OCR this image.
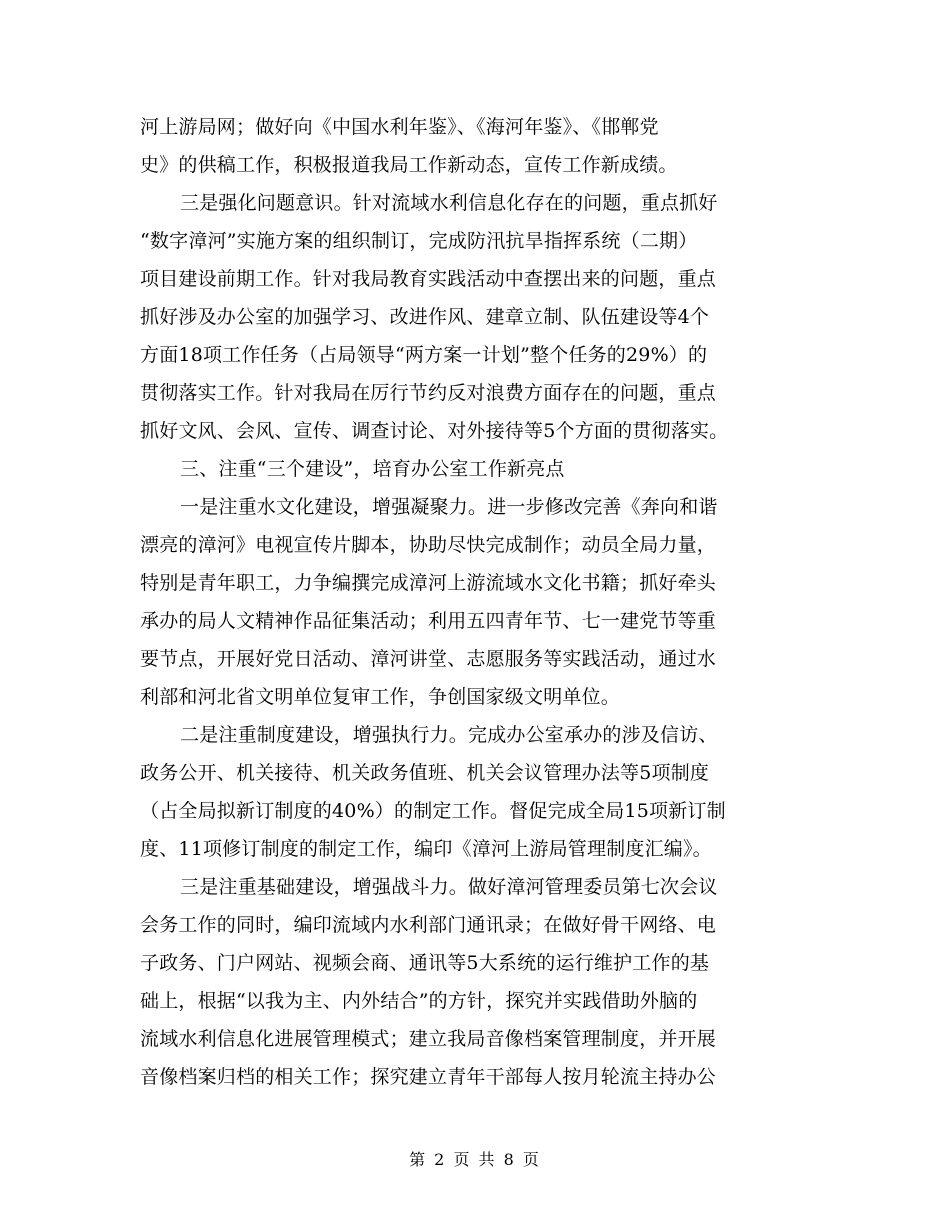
河上游局网；做好向《中国水利年鉴》、《海河年鉴》、《邯郸党
史》的供稿工作，积极报道我局工作新动态，宣传工作新成绩。
三是强化问题意识。针对流域水利信息化存在的问题，重点抓好
“数字漳河”实施方案的组织制订，完成防汛抗旱指挥系统（二期）
项目建设前期工作。针对我局教育实践活动中查摆出来的问题，重点
抓好涉及办公室的加强学习、改进作风、建章立制、队伍建设等4个
方面18项工作任务（占局领导“两方案一计划”整个任务的29%）的
贯彻落实工作。针对我局在厉行节约反对浪费方面存在的问题，重点
抓好文风、会风、宣传、调查讨论、对外接待等5个方面的贯彻落实。
三、注重“三个建设”，培育办公室工作新亮点
一是注重水文化建设，增强凝聚力。进一步修改完善《奔向和谐
漂亮的漳河》电视宣传片脚本，协助尽快完成制作；动员全局力量，
特别是青年职工，力争编撰完成漳河上游流域水文化书籍；抓好牵头
承办的局人文精神作品征集活动；利用五四青年节、七一建党节等重
要节点，开展好党日活动、漳河讲堂、志愿服务等实践活动，通过水
利部和河北省文明单位复审工作，争创国家级文明单位。
二是注重制度建设，增强执行力。完成办公室承办的涉及信访、
政务公开、机关接待、机关政务值班、机关会议管理办法等5项制度
（占全局拟新订制度的40%）的制定工作。督促完成全局15项新订制
度、11项修订制度的制定工作，编印《漳河上游局管理制度汇编》。
三是注重基础建设，增强战斗力。做好漳河管理委员第七次会议
会务工作的同时，编印流域内水利部门通讯录；在做好骨干网络、电
子政务、门户网站、视频会商、通讯等5大系统的运行维护工作的基
础上，根据“以我为主、内外结合”的方针，探究并实践借助外脑的
流域水利信息化进展管理模式；建立我局音像档案管理制度，并开展
音像档案归档的相关工作；探究建立青年干部每人按月轮流主持办公
第 2 页 共 8 页
